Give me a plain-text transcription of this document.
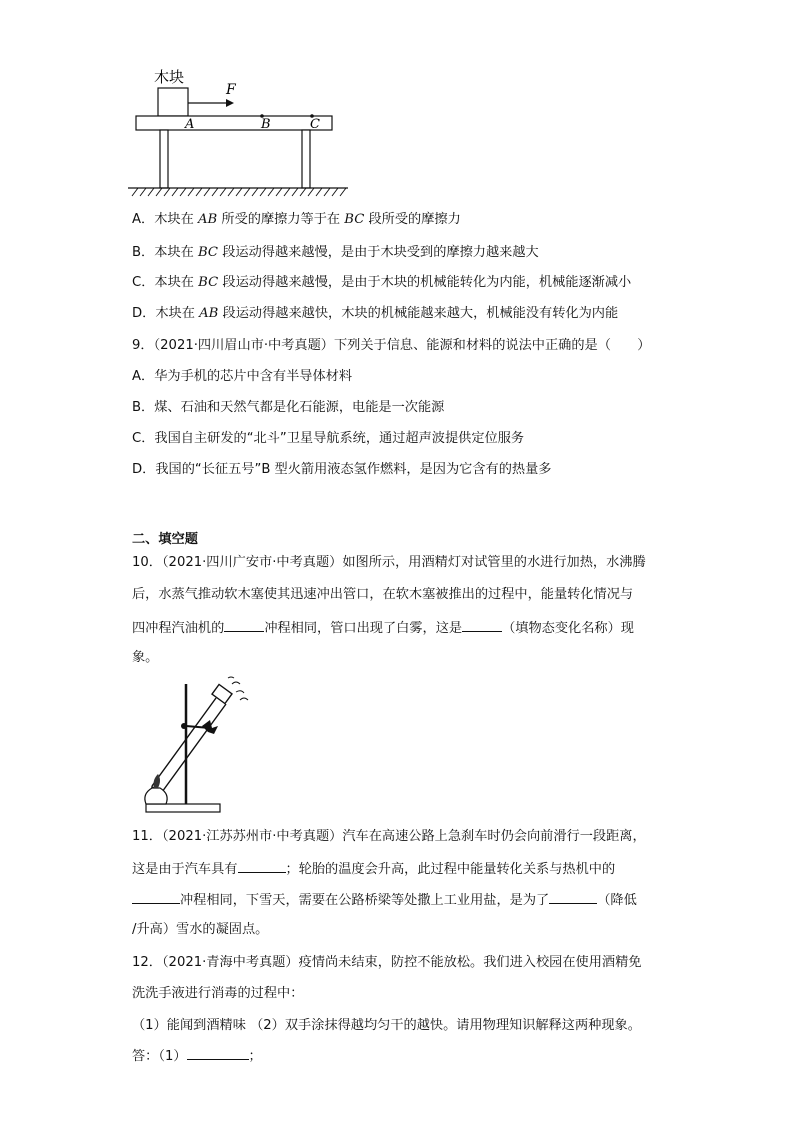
木块
F
A	B	C
A．木块在 AB 所受的摩擦力等于在 BC 段所受的摩擦力
B．本块在 BC 段运动得越来越慢，是由于木块受到的摩擦力越来越大
C．本块在 BC 段运动得越来越慢，是由于木块的机械能转化为内能，机械能逐渐减小
D．木块在 AB 段运动得越来越快，木块的机械能越来越大，机械能没有转化为内能
9．（2021·四川眉山市·中考真题）下列关于信息、能源和材料的说法中正确的是（　　）
A．华为手机的芯片中含有半导体材料
B．煤、石油和天然气都是化石能源，电能是一次能源
C．我国自主研发的“北斗”卫星导航系统，通过超声波提供定位服务
D．我国的“长征五号”B 型火箭用液态氢作燃料，是因为它含有的热量多
二、填空题
10．（2021·四川广安市·中考真题）如图所示，用酒精灯对试管里的水进行加热，水沸腾
后，水蒸气推动软木塞使其迅速冲出管口，在软木塞被推出的过程中，能量转化情况与
四冲程汽油机的	冲程相同，管口出现了白雾，这是	（填物态变化名称）现
象。
11．（2021·江苏苏州市·中考真题）汽车在高速公路上急刹车时仍会向前滑行一段距离，
这是由于汽车具有	；轮胎的温度会升高，此过程中能量转化关系与热机中的
冲程相同，下雪天，需要在公路桥梁等处撒上工业用盐，是为了	（降低
/升高）雪水的凝固点。
12．（2021·青海中考真题）疫情尚未结束，防控不能放松。我们进入校园在使用酒精免
洗洗手液进行消毒的过程中：
（1）能闻到酒精味 （2）双手涂抹得越均匀干的越快。请用物理知识解释这两种现象。
答：（1）	；
